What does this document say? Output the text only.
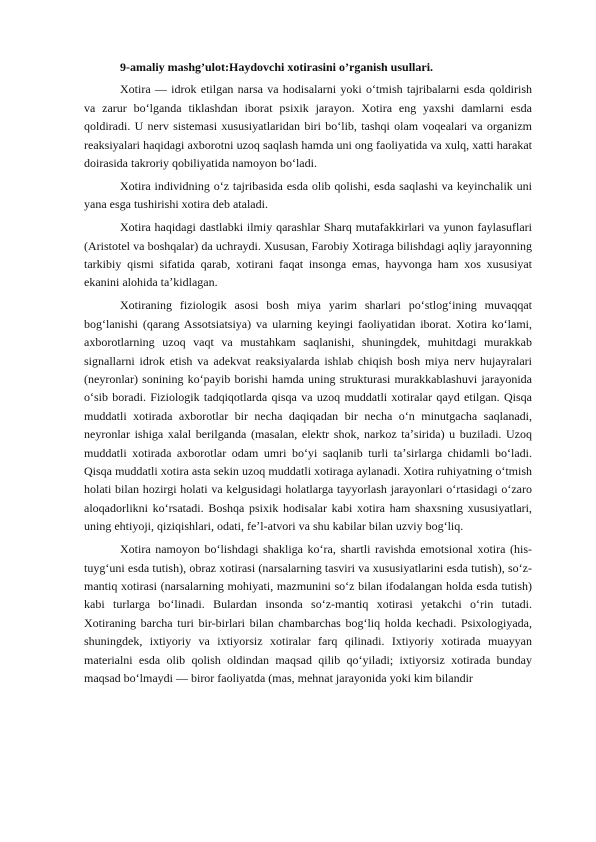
9-amaliy mashg’ulot:Haydovchi xotirasini o’rganish usullari.

Xotira — idrok etilgan narsa va hodisalarni yoki oʻtmish tajribalarni esda qoldirish va zarur boʻlganda tiklashdan iborat psixik jarayon. Xotira eng yaxshi damlarni esda qoldiradi. U nerv sistemasi xususiyatlaridan biri boʻlib, tashqi olam voqealari va organizm reaksiyalari haqidagi axborotni uzoq saqlash hamda uni ong faoliyatida va xulq, xatti harakat doirasida takroriy qobiliyatida namoyon boʻladi.

Xotira individning oʻz tajribasida esda olib qolishi, esda saqlashi va keyinchalik uni yana esga tushirishi xotira deb ataladi.

Xotira haqidagi dastlabki ilmiy qarashlar Sharq mutafakkirlari va yunon faylasuflari (Aristotel va boshqalar) da uchraydi. Xususan, Farobiy Xotiraga bilishdagi aqliy jarayonning tarkibiy qismi sifatida qarab, xotirani faqat insonga emas, hayvonga ham xos xususiyat ekanini alohida taʼkidlagan.

Xotiraning fiziologik asosi bosh miya yarim sharlari poʻstlogʻining muvaqqat bogʻlanishi (qarang Assotsiatsiya) va ularning keyingi faoliyatidan iborat. Xotira koʻlami, axborotlarning uzoq vaqt va mustahkam saqlanishi, shuningdek, muhitdagi murakkab signallarni idrok etish va adekvat reaksiyalarda ishlab chiqish bosh miya nerv hujayralari (neyronlar) sonining koʻpayib borishi hamda uning strukturasi murakkablashuvi jarayonida oʻsib boradi. Fiziologik tadqiqotlarda qisqa va uzoq muddatli xotiralar qayd etilgan. Qisqa muddatli xotirada axborotlar bir necha daqiqadan bir necha oʻn minutgacha saqlanadi, neyronlar ishiga xalal berilganda (masalan, elektr shok, narkoz taʼsirida) u buziladi. Uzoq muddatli xotirada axborotlar odam umri boʻyi saqlanib turli taʼsirlarga chidamli boʻladi. Qisqa muddatli xotira asta sekin uzoq muddatli xotiraga aylanadi. Xotira ruhiyatning oʻtmish holati bilan hozirgi holati va kelgusidagi holatlarga tayyorlash jarayonlari oʻrtasidagi oʻzaro aloqadorlikni koʻrsatadi. Boshqa psixik hodisalar kabi xotira ham shaxsning xususiyatlari, uning ehtiyoji, qiziqishlari, odati, feʼl-atvori va shu kabilar bilan uzviy bogʻliq.

Xotira namoyon boʻlishdagi shakliga koʻra, shartli ravishda emotsional xotira (his-tuygʻuni esda tutish), obraz xotirasi (narsalarning tasviri va xususiyatlarini esda tutish), soʻz-mantiq xotirasi (narsalarning mohiyati, mazmunini soʻz bilan ifodalangan holda esda tutish) kabi turlarga boʻlinadi. Bulardan insonda soʻz-mantiq xotirasi yetakchi oʻrin tutadi. Xotiraning barcha turi bir-birlari bilan chambarchas bogʻliq holda kechadi. Psixologiyada, shuningdek, ixtiyoriy va ixtiyorsiz xotiralar farq qilinadi. Ixtiyoriy xotirada muayyan materialni esda olib qolish oldindan maqsad qilib qoʻyiladi; ixtiyorsiz xotirada bunday maqsad boʻlmaydi — biror faoliyatda (mas, mehnat jarayonida yoki kim bilandir
